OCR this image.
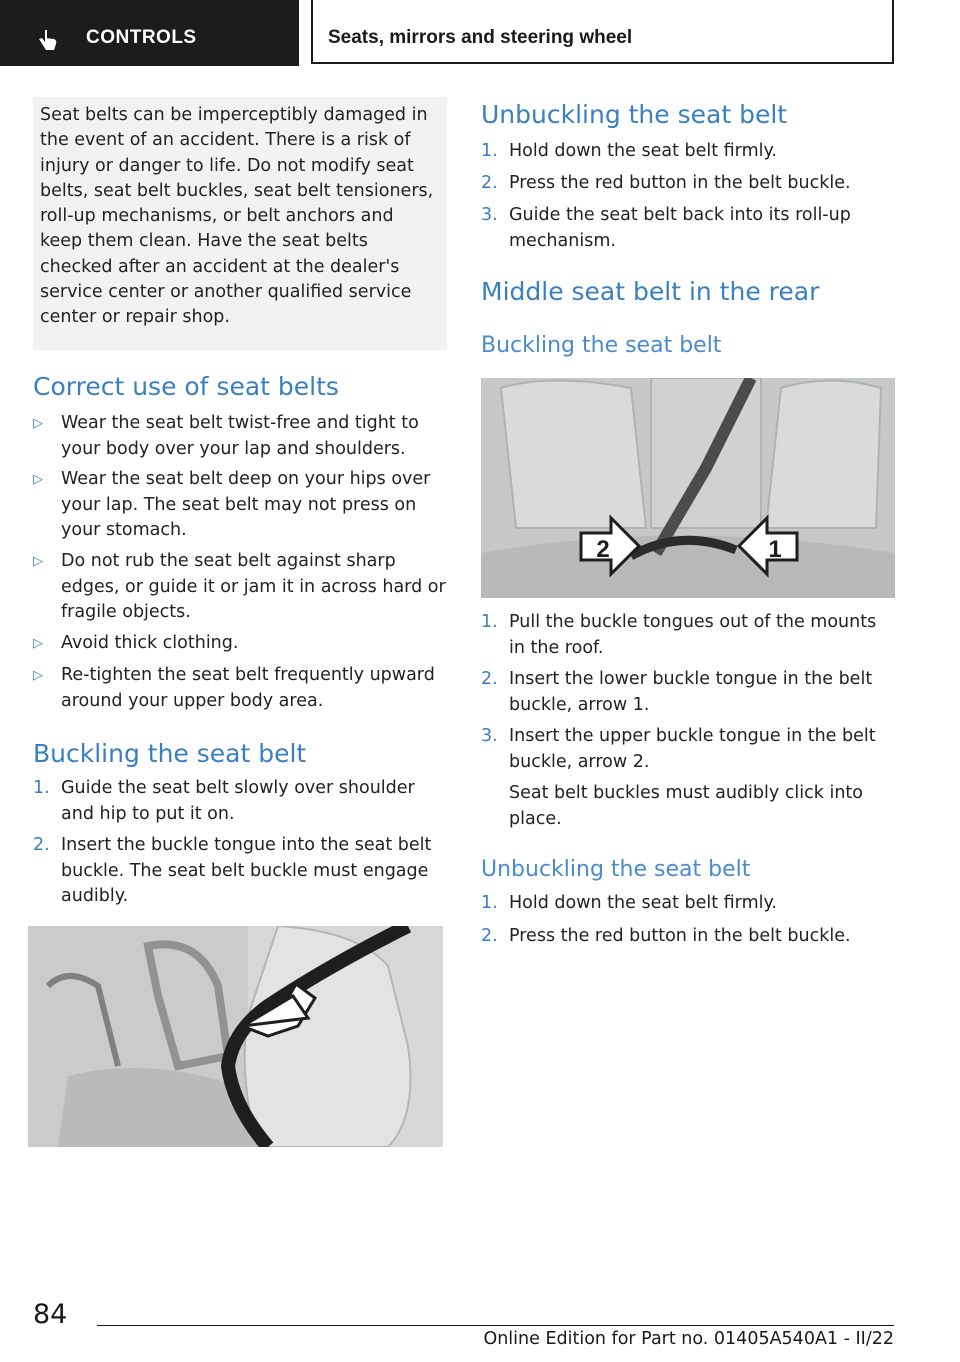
CONTROLS	Seats, mirrors and steering wheel
Seat belts can be imperceptibly damaged in the event of an accident. There is a risk of injury or danger to life. Do not modify seat belts, seat belt buckles, seat belt tensioners, roll-up mechanisms, or belt anchors and keep them clean. Have the seat belts checked after an accident at the dealer's service center or another qualified service center or repair shop.
Correct use of seat belts
▷	Wear the seat belt twist-free and tight to your body over your lap and shoulders.
▷	Wear the seat belt deep on your hips over your lap. The seat belt may not press on your stomach.
▷	Do not rub the seat belt against sharp edges, or guide it or jam it in across hard or fragile objects.
▷	Avoid thick clothing.
▷	Re-tighten the seat belt frequently upward around your upper body area.
Buckling the seat belt
1. Guide the seat belt slowly over shoulder and hip to put it on.
2. Insert the buckle tongue into the seat belt buckle. The seat belt buckle must engage audibly.
Unbuckling the seat belt
1. Hold down the seat belt firmly.
2. Press the red button in the belt buckle.
3. Guide the seat belt back into its roll-up mechanism.
Middle seat belt in the rear
Buckling the seat belt
2	1
1. Pull the buckle tongues out of the mounts in the roof.
2. Insert the lower buckle tongue in the belt buckle, arrow 1.
3. Insert the upper buckle tongue in the belt buckle, arrow 2.
Seat belt buckles must audibly click into place.
Unbuckling the seat belt
1. Hold down the seat belt firmly.
2. Press the red button in the belt buckle.
84
Online Edition for Part no. 01405A540A1 - II/22
